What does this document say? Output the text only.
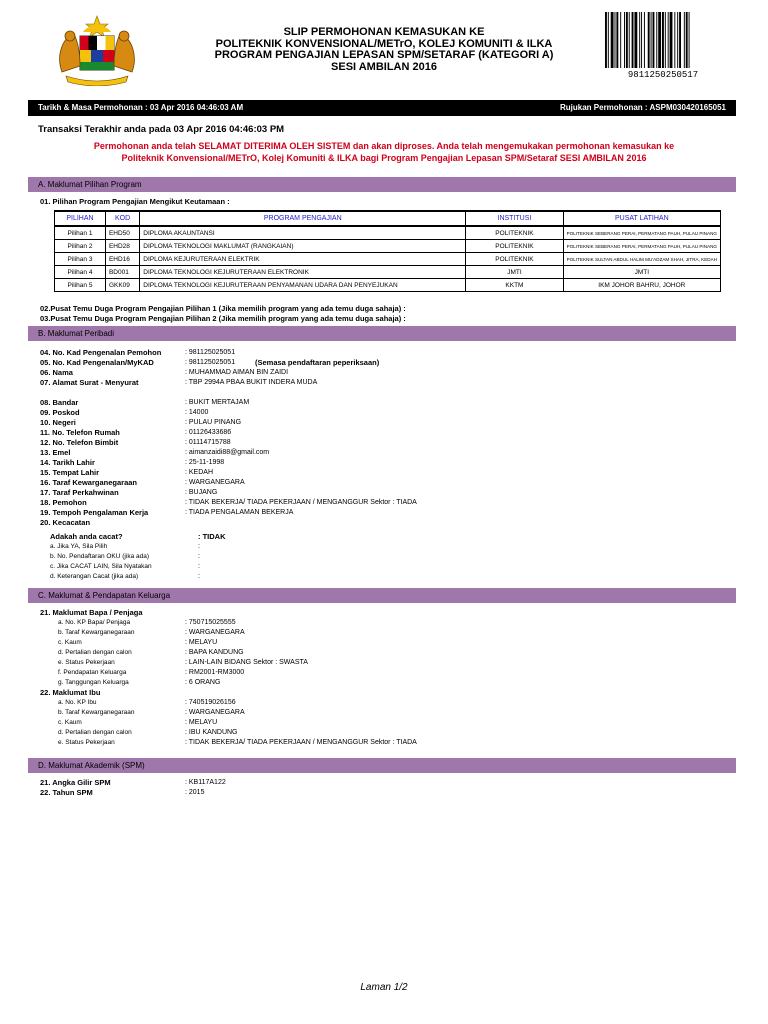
SLIP PERMOHONAN KEMASUKAN KE
POLITEKNIK KONVENSIONAL/METrO, KOLEJ KOMUNITI & ILKA
PROGRAM PENGAJIAN LEPASAN SPM/SETARAF (KATEGORI A)
SESI AMBILAN 2016
9811250250517
Tarikh & Masa Permohonan : 03 Apr 2016 04:46:03 AM	Rujukan Permohonan : ASPM030420165051
Transaksi Terakhir anda pada 03 Apr 2016 04:46:03 PM
Permohonan anda telah SELAMAT DITERIMA OLEH SISTEM dan akan diproses. Anda telah mengemukakan permohonan kemasukan ke
Politeknik Konvensional/METrO, Kolej Komuniti & ILKA bagi Program Pengajian Lepasan SPM/Setaraf SESI AMBILAN 2016
A. Maklumat Pilihan Program
01. Pilihan Program Pengajian Mengikut Keutamaan :
PILIHAN	KOD	PROGRAM PENGAJIAN	INSTITUSI	PUSAT LATIHAN
Pilihan 1	EHD50	DIPLOMA AKAUNTANSI	POLITEKNIK	POLITEKNIK SEBERANG PERAI, PERMATANG PAUH, PULAU PINANG
Pilihan 2	EHD28	DIPLOMA TEKNOLOGI MAKLUMAT (RANGKAIAN)	POLITEKNIK	POLITEKNIK SEBERANG PERAI, PERMATANG PAUH, PULAU PINANG
Pilihan 3	EHD16	DIPLOMA KEJURUTERAAN ELEKTRIK	POLITEKNIK	POLITEKNIK SULTAN ABDUL HALIM MU'ADZAM SHAH, JITRA, KEDAH
Pilihan 4	BD001	DIPLOMA TEKNOLOGI KEJURUTERAAN ELEKTRONIK	JMTI	JMTI
Pilihan 5	GKK09	DIPLOMA TEKNOLOGI KEJURUTERAAN PENYAMANAN UDARA DAN PENYEJUKAN	KKTM	IKM JOHOR BAHRU, JOHOR
02.Pusat Temu Duga Program Pengajian Pilihan 1 (Jika memilih program yang ada temu duga sahaja) :
03.Pusat Temu Duga Program Pengajian Pilihan 2 (Jika memilih program yang ada temu duga sahaja) :
B. Maklumat Peribadi
04. No. Kad Pengenalan Pemohon	: 981125025051
05. No. Kad Pengenalan/MyKAD	: 981125025051	(Semasa pendaftaran peperiksaan)
06. Nama	: MUHAMMAD AIMAN BIN ZAIDI
07. Alamat Surat - Menyurat	: TBP 2994A PBAA BUKIT INDERA MUDA
08. Bandar	: BUKIT MERTAJAM
09. Poskod	: 14000
10. Negeri	: PULAU PINANG
11. No. Telefon Rumah	: 01126433686
12. No. Telefon Bimbit	: 01114715788
13. Emel	: aimanzaidi88@gmail.com
14. Tarikh Lahir	: 25-11-1998
15. Tempat Lahir	: KEDAH
16. Taraf Kewarganegaraan	: WARGANEGARA
17. Taraf Perkahwinan	: BUJANG
18. Pemohon	: TIDAK BEKERJA/ TIADA PEKERJAAN / MENGANGGUR Sektor : TIADA
19. Tempoh Pengalaman Kerja	: TIADA PENGALAMAN BEKERJA
20. Kecacatan
Adakah anda cacat?	: TIDAK
a. Jika YA, Sila Pilih	:
b. No. Pendaftaran OKU (jika ada)	:
c. Jika CACAT LAIN, Sila Nyatakan	:
d. Keterangan Cacat (jika ada)	:
C. Maklumat & Pendapatan Keluarga
21. Maklumat Bapa / Penjaga
a. No. KP Bapa/ Penjaga	: 750715025555
b. Taraf Kewarganegaraan	: WARGANEGARA
c. Kaum	: MELAYU
d. Pertalian dengan calon	: BAPA KANDUNG
e. Status Pekerjaan	: LAIN-LAIN BIDANG Sektor : SWASTA
f. Pendapatan Keluarga	: RM2001-RM3000
g. Tanggungan Keluarga	: 6 ORANG
22. Maklumat Ibu
a. No. KP Ibu	: 740519026156
b. Taraf Kewarganegaraan	: WARGANEGARA
c. Kaum	: MELAYU
d. Pertalian dengan calon	: IBU KANDUNG
e. Status Pekerjaan	: TIDAK BEKERJA/ TIADA PEKERJAAN / MENGANGGUR Sektor : TIADA
D. Maklumat Akademik (SPM)
21. Angka Gilir SPM	: KB117A122
22. Tahun SPM	: 2015
Laman 1/2
